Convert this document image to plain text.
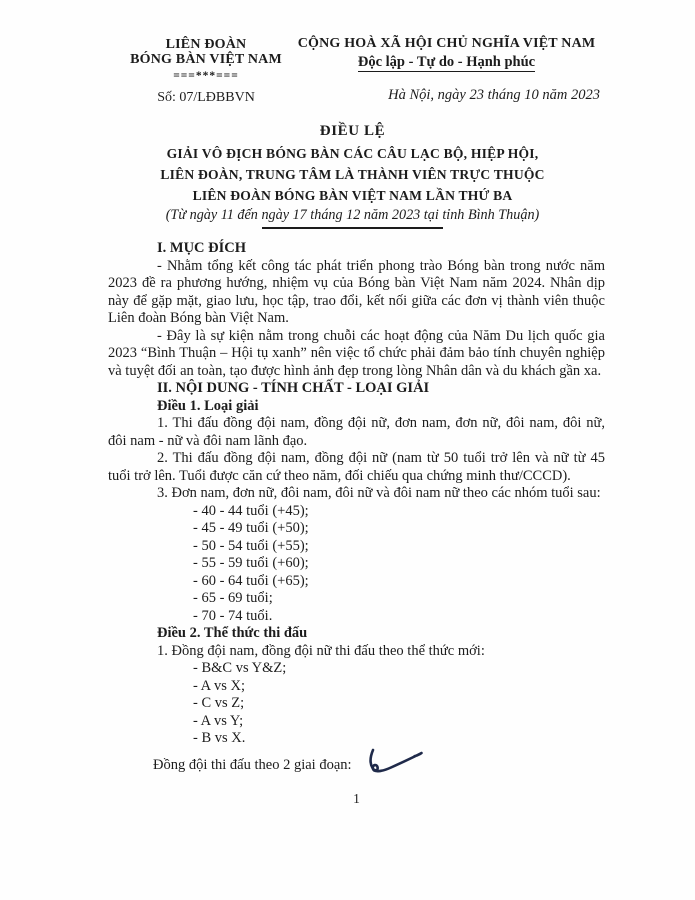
LIÊN ĐOÀN
BÓNG BÀN VIỆT NAM
===***===
Số: 07/LĐBBVN
CỘNG HOÀ XÃ HỘI CHỦ NGHĨA VIỆT NAM
Độc lập - Tự do - Hạnh phúc
Hà Nội, ngày 23 tháng 10 năm 2023
ĐIỀU LỆ
GIẢI VÔ ĐỊCH BÓNG BÀN CÁC CÂU LẠC BỘ, HIỆP HỘI,
LIÊN ĐOÀN, TRUNG TÂM LÀ THÀNH VIÊN TRỰC THUỘC
LIÊN ĐOÀN BÓNG BÀN VIỆT NAM LẦN THỨ BA
(Từ ngày 11 đến ngày 17 tháng 12 năm 2023 tại tỉnh Bình Thuận)
I. MỤC ĐÍCH
- Nhằm tổng kết công tác phát triển phong trào Bóng bàn trong nước năm 2023 đề ra phương hướng, nhiệm vụ của Bóng bàn Việt Nam năm 2024. Nhân dịp này để gặp mặt, giao lưu, học tập, trao đổi, kết nối giữa các đơn vị thành viên thuộc Liên đoàn Bóng bàn Việt Nam.
- Đây là sự kiện nằm trong chuỗi các hoạt động của Năm Du lịch quốc gia 2023 “Bình Thuận – Hội tụ xanh” nên việc tổ chức phải đảm bảo tính chuyên nghiệp và tuyệt đối an toàn, tạo được hình ảnh đẹp trong lòng Nhân dân và du khách gần xa.
II. NỘI DUNG - TÍNH CHẤT - LOẠI GIẢI
Điều 1. Loại giải
1. Thi đấu đồng đội nam, đồng đội nữ, đơn nam, đơn nữ, đôi nam, đôi nữ, đôi nam - nữ và đôi nam lãnh đạo.
2. Thi đấu đồng đội nam, đồng đội nữ (nam từ 50 tuổi trở lên và nữ từ 45 tuổi trở lên. Tuổi được căn cứ theo năm, đối chiếu qua chứng minh thư/CCCD).
3. Đơn nam, đơn nữ, đôi nam, đôi nữ và đôi nam nữ theo các nhóm tuổi sau:
- 40 - 44 tuổi (+45);
- 45 - 49 tuổi (+50);
- 50 - 54 tuổi (+55);
- 55 - 59 tuổi (+60);
- 60 - 64 tuổi (+65);
- 65 - 69 tuổi;
- 70 - 74 tuổi.
Điều 2. Thể thức thi đấu
1. Đồng đội nam, đồng đội nữ thi đấu theo thể thức mới:
- B&C vs Y&Z;
- A vs X;
- C vs Z;
- A vs Y;
- B vs X.
Đồng đội thi đấu theo 2 giai đoạn:
1
